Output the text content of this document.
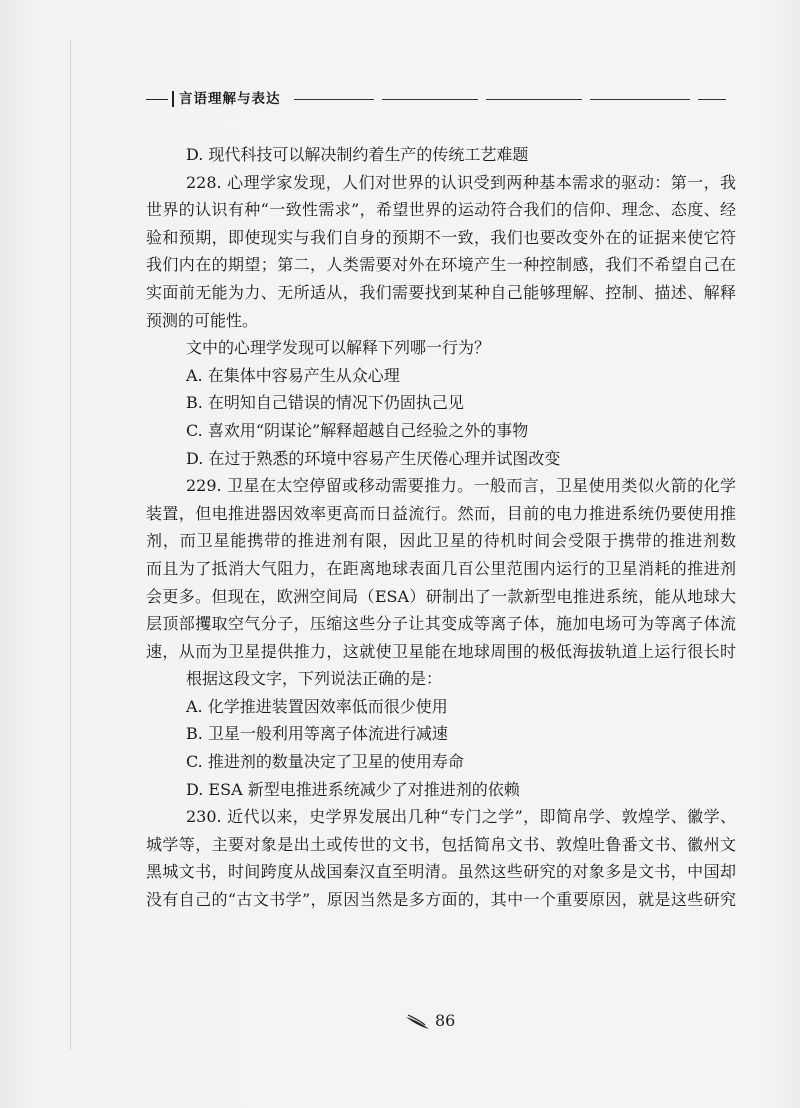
言语理解与表达
D. 现代科技可以解决制约着生产的传统工艺难题
228. 心理学家发现，人们对世界的认识受到两种基本需求的驱动：第一，我
世界的认识有种“一致性需求”，希望世界的运动符合我们的信仰、理念、态度、经
验和预期，即使现实与我们自身的预期不一致，我们也要改变外在的证据来使它符
我们内在的期望；第二，人类需要对外在环境产生一种控制感，我们不希望自己在
实面前无能为力、无所适从，我们需要找到某种自己能够理解、控制、描述、解释
预测的可能性。
文中的心理学发现可以解释下列哪一行为？
A. 在集体中容易产生从众心理
B. 在明知自己错误的情况下仍固执己见
C. 喜欢用“阴谋论”解释超越自己经验之外的事物
D. 在过于熟悉的环境中容易产生厌倦心理并试图改变
229. 卫星在太空停留或移动需要推力。一般而言，卫星使用类似火箭的化学
装置，但电推进器因效率更高而日益流行。然而，目前的电力推进系统仍要使用推
剂，而卫星能携带的推进剂有限，因此卫星的待机时间会受限于携带的推进剂数
而且为了抵消大气阻力，在距离地球表面几百公里范围内运行的卫星消耗的推进剂
会更多。但现在，欧洲空间局（ESA）研制出了一款新型电推进系统，能从地球大
层顶部攫取空气分子，压缩这些分子让其变成等离子体，施加电场可为等离子体流
速，从而为卫星提供推力，这就使卫星能在地球周围的极低海拔轨道上运行很长时
根据这段文字，下列说法正确的是：
A. 化学推进装置因效率低而很少使用
B. 卫星一般利用等离子体流进行减速
C. 推进剂的数量决定了卫星的使用寿命
D. ESA 新型电推进系统减少了对推进剂的依赖
230. 近代以来，史学界发展出几种“专门之学”，即简帛学、敦煌学、徽学、
城学等，主要对象是出土或传世的文书，包括简帛文书、敦煌吐鲁番文书、徽州文
黑城文书，时间跨度从战国秦汉直至明清。虽然这些研究的对象多是文书，中国却
没有自己的“古文书学”，原因当然是多方面的，其中一个重要原因，就是这些研究
86
